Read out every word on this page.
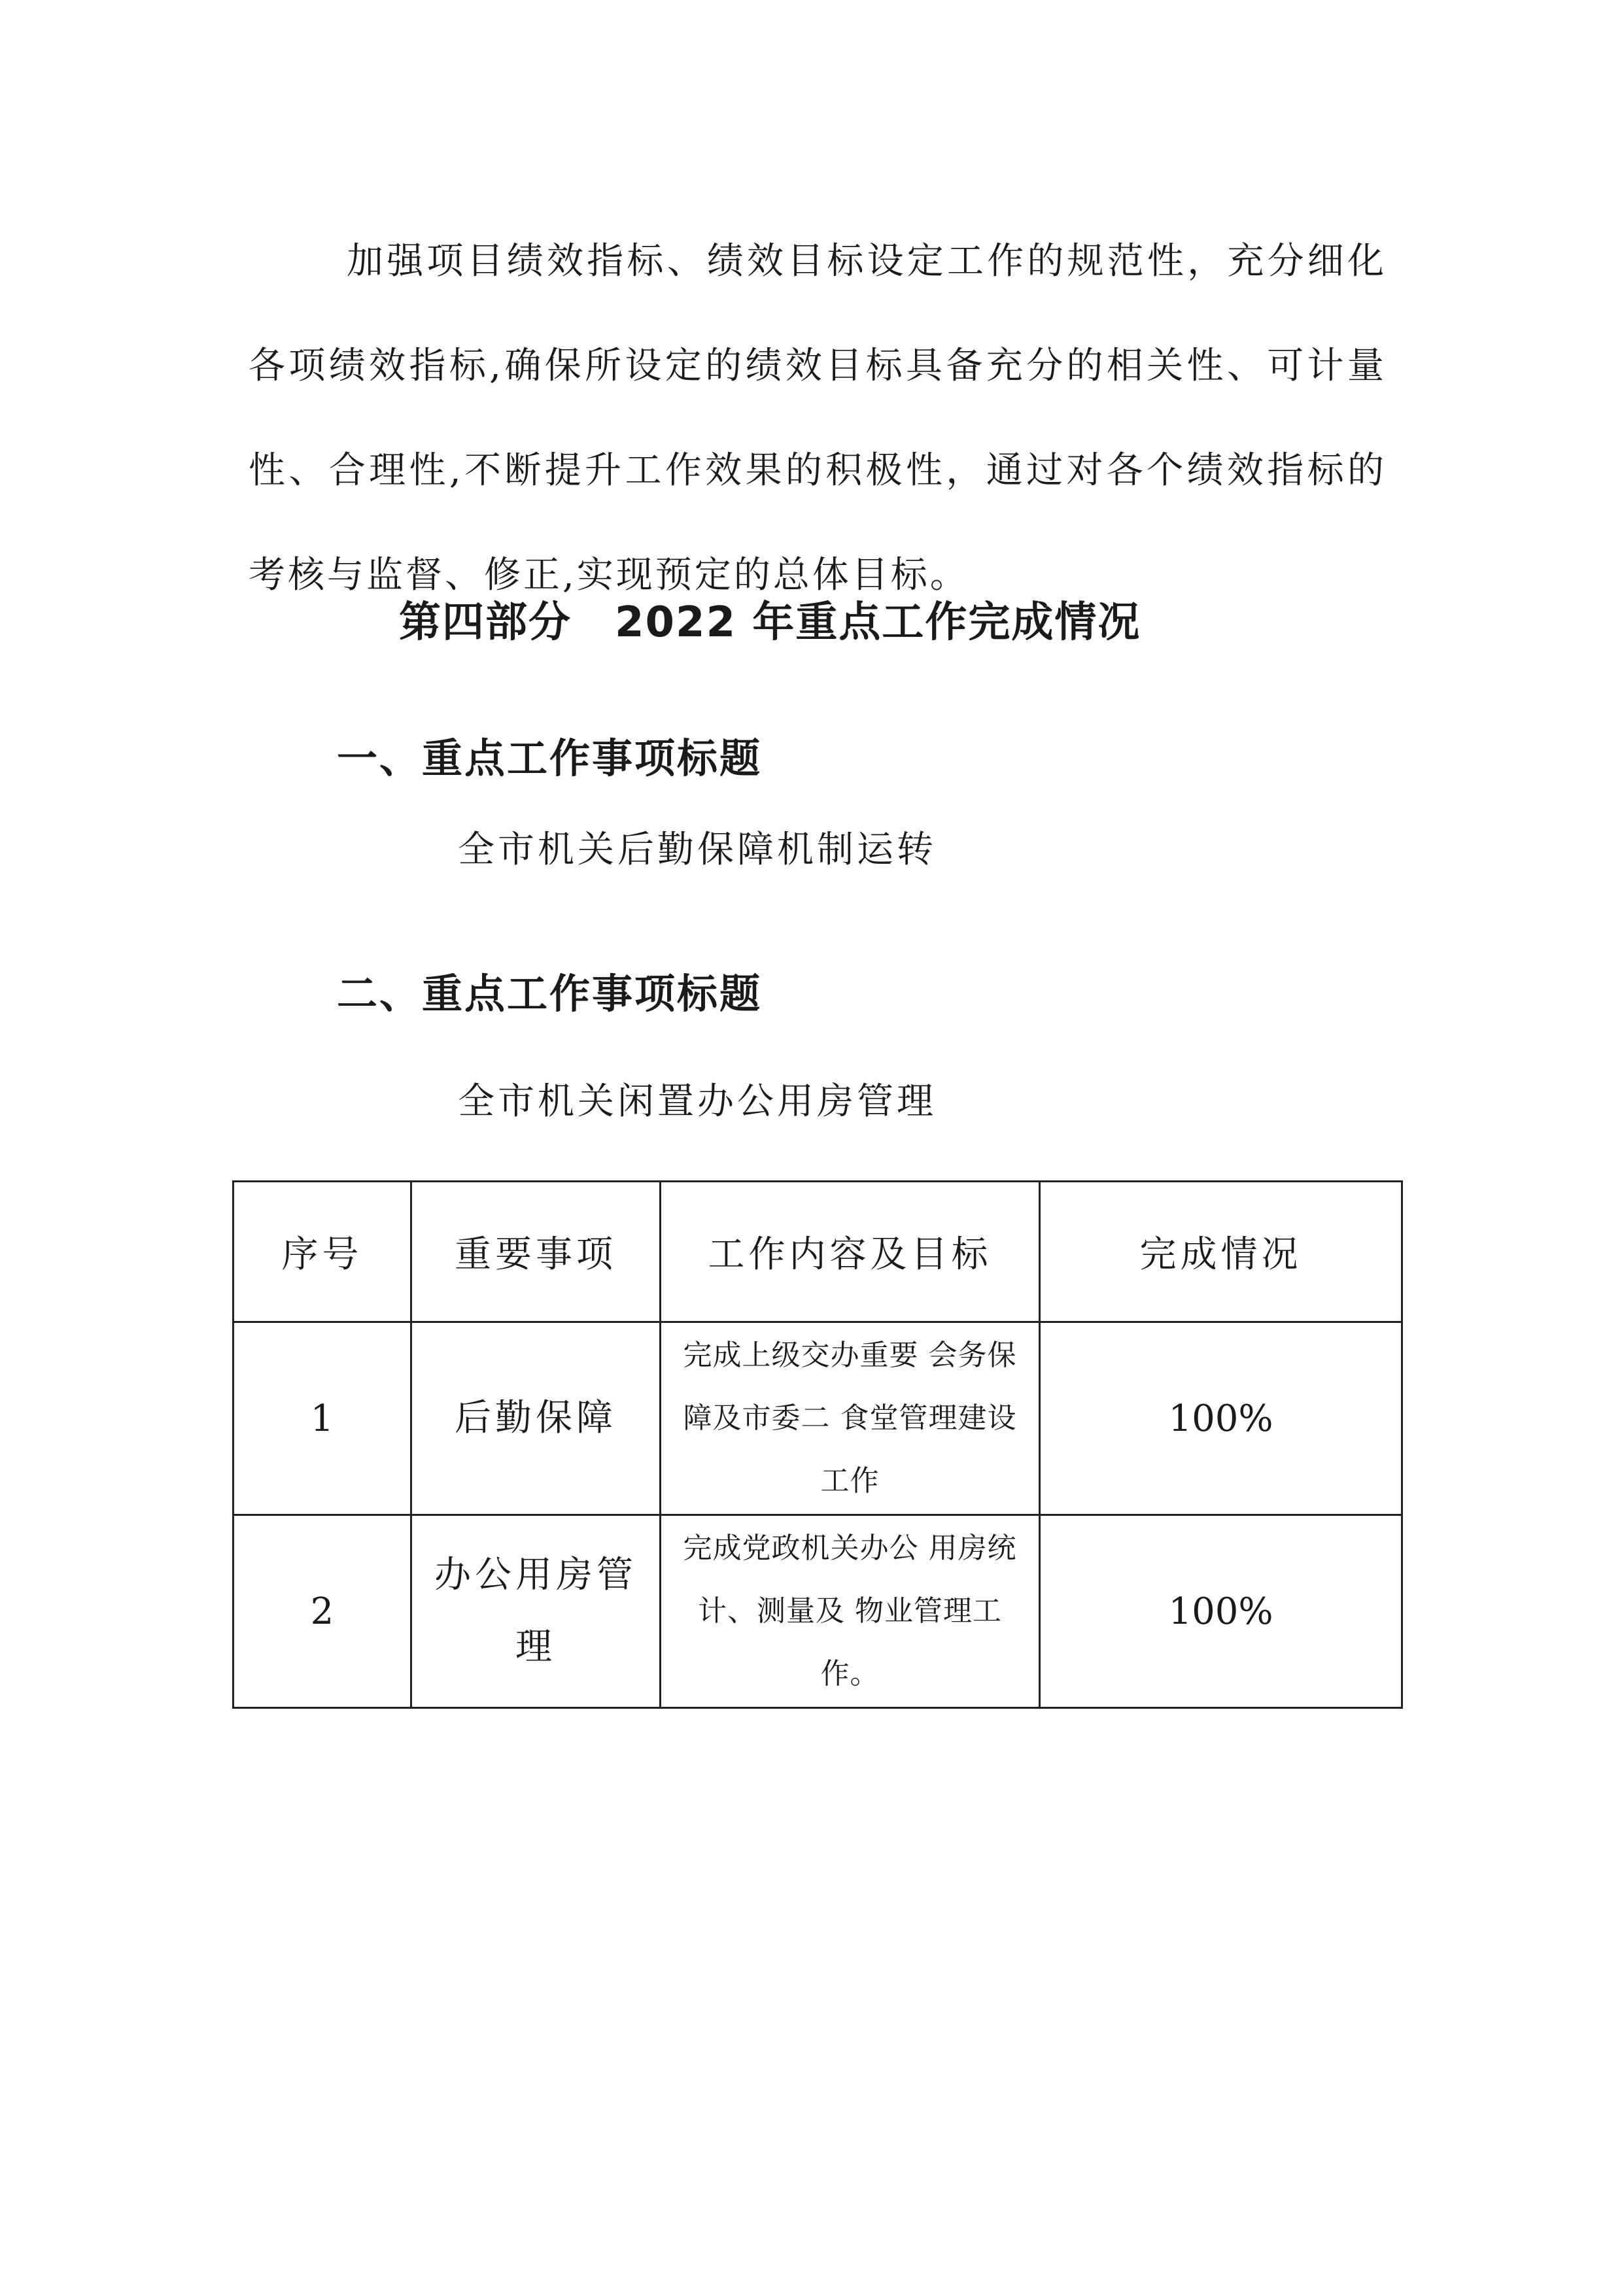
加强项目绩效指标、绩效目标设定工作的规范性，充分细化各项绩效指标,确保所设定的绩效目标具备充分的相关性、可计量性、合理性,不断提升工作效果的积极性，通过对各个绩效指标的考核与监督、修正,实现预定的总体目标。

第四部分　2022 年重点工作完成情况
一、重点工作事项标题

全市机关后勤保障机制运转

二、重点工作事项标题

全市机关闲置办公用房管理

序号	重要事项	工作内容及目标	完成情况
1	后勤保障	完成上级交办重要 会务保障及市委二 食堂管理建设工作	100%
2	办公用房管理	完成党政机关办公 用房统计、测量及 物业管理工作。	100%
